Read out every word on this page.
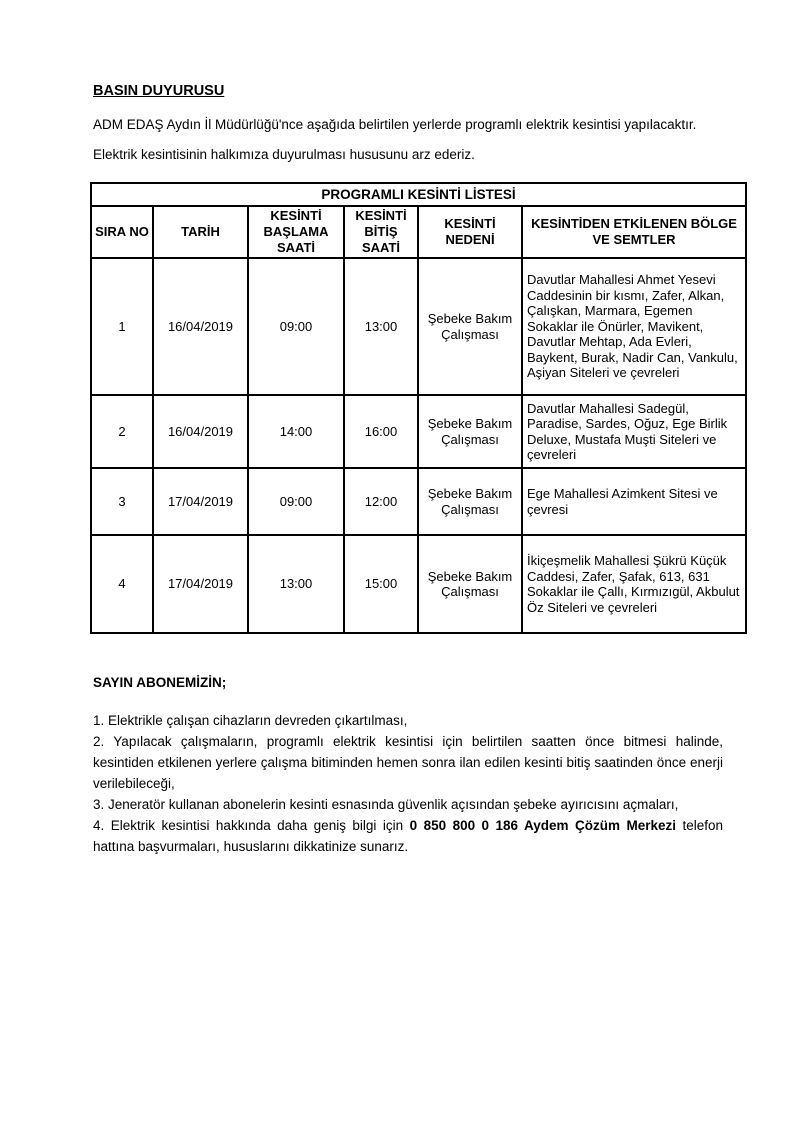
BASIN DUYURUSU

ADM EDAŞ Aydın İl Müdürlüğü'nce aşağıda belirtilen yerlerde programlı elektrik kesintisi yapılacaktır.

Elektrik kesintisinin halkımıza duyurulması hususunu arz ederiz.

PROGRAMLI KESİNTİ LİSTESİ					
SIRA NO	TARİH	KESİNTİ BAŞLAMA SAATİ	KESİNTİ BİTİŞ SAATİ	KESİNTİ NEDENİ	KESİNTİDEN ETKİLENEN BÖLGE VE SEMTLER
1	16/04/2019	09:00	13:00	Şebeke Bakım Çalışması	Davutlar Mahallesi Ahmet Yesevi Caddesinin bir kısmı, Zafer, Alkan, Çalışkan, Marmara, Egemen Sokaklar ile Önürler, Mavikent, Davutlar Mehtap, Ada Evleri, Baykent, Burak, Nadir Can, Vankulu, Aşiyan Siteleri ve çevreleri
2	16/04/2019	14:00	16:00	Şebeke Bakım Çalışması	Davutlar Mahallesi Sadegül, Paradise, Sardes, Oğuz, Ege Birlik Deluxe, Mustafa Muşti Siteleri ve çevreleri
3	17/04/2019	09:00	12:00	Şebeke Bakım Çalışması	Ege Mahallesi Azimkent Sitesi ve çevresi
4	17/04/2019	13:00	15:00	Şebeke Bakım Çalışması	İkiçeşmelik Mahallesi Şükrü Küçük Caddesi, Zafer, Şafak, 613, 631 Sokaklar ile Çallı, Kırmızıgül, Akbulut Öz Siteleri ve çevreleri
SAYIN ABONEMİZİN;
1. Elektrikle çalışan cihazların devreden çıkartılması,
2. Yapılacak çalışmaların, programlı elektrik kesintisi için belirtilen saatten önce bitmesi halinde, kesintiden etkilenen yerlere çalışma bitiminden hemen sonra ilan edilen kesinti bitiş saatinden önce enerji verilebileceği,
3. Jeneratör kullanan abonelerin kesinti esnasında güvenlik açısından şebeke ayırıcısını açmaları,
4. Elektrik kesintisi hakkında daha geniş bilgi için 0 850 800 0 186 Aydem Çözüm Merkezi telefon hattına başvurmaları, hususlarını dikkatinize sunarız.
